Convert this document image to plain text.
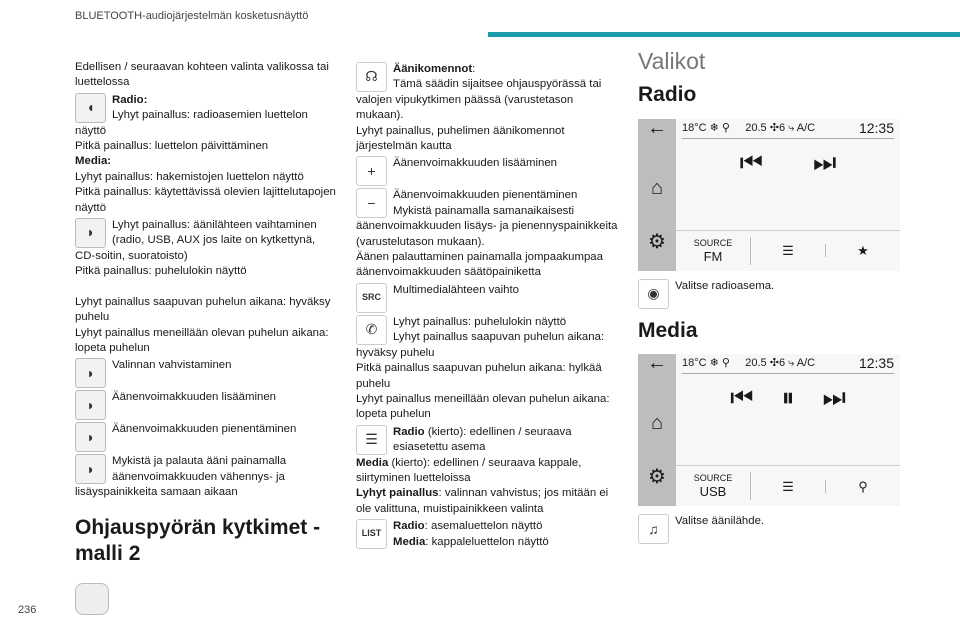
BLUETOOTH-audiojärjestelmän kosketusnäyttö
236

Edellisen / seuraavan kohteen valinta valikossa tai luettelossa

◖	Radio:
Lyhyt painallus: radioasemien luettelon näyttö

Pitkä painallus: luettelon päivittäminen

Media:

Lyhyt painallus: hakemistojen luettelon näyttö

Pitkä painallus: käytettävissä olevien lajittelutapojen näyttö

◗	Lyhyt painallus: äänilähteen vaihtaminen (radio, USB, AUX jos laite on kytkettynä, CD-soitin, suoratoisto)

Pitkä painallus: puhelulokin näyttö

Lyhyt painallus saapuvan puhelun aikana: hyväksy puhelu

Lyhyt painallus meneillään olevan puhelun aikana: lopeta puhelun

◗	Valinnan vahvistaminen

◗	Äänenvoimakkuuden lisääminen

◗	Äänenvoimakkuuden pienentäminen

◗	Mykistä ja palauta ääni painamalla äänenvoimakkuuden vähennys- ja lisäyspainikkeita samaan aikaan

Ohjauspyörän kytkimet - malli 2
☊	Äänikomennot:
Tämä säädin sijaitsee ohjauspyörässä tai valojen vipukytkimen päässä (varustetason mukaan).

Lyhyt painallus, puhelimen äänikomennot järjestelmän kautta

+	Äänenvoimakkuuden lisääminen

−	Äänenvoimakkuuden pienentäminen
Mykistä painamalla samanaikaisesti äänenvoimakkuuden lisäys- ja pienennyspainikkeita (varustelutason mukaan).

Äänen palauttaminen painamalla jompaakumpaa äänenvoimakkuuden säätöpainiketta

SRC

Multimedialähteen vaihto

✆	Lyhyt painallus: puhelulokin näyttö
Lyhyt painallus saapuvan puhelun aikana: hyväksy puhelu

Pitkä painallus saapuvan puhelun aikana: hylkää puhelu

Lyhyt painallus meneillään olevan puhelun aikana: lopeta puhelun

☰	Radio (kierto): edellinen / seuraava esiasetettu asema

Media (kierto): edellinen / seuraava kappale, siirtyminen luetteloissa

Lyhyt painallus: valinnan vahvistus; jos mitään ei ole valittuna, muistipainikkeen valinta

LIST

Radio: asemaluettelon näyttö
Media: kappaleluettelon näyttö

Valikot
Radio
←
⌂
⚙
18°C ❄ ⚲     20.5 ✣6 ⤷ A/C	12:35
⏮ ⏭
SOURCE
FM	☰	★
◉	Valitse radioasema.

Media
←
⌂
⚙
18°C ❄ ⚲     20.5 ✣6 ⤷ A/C	12:35
⏮ ⏸ ⏭
SOURCE
USB	☰	⚲
♫	Valitse äänilähde.
